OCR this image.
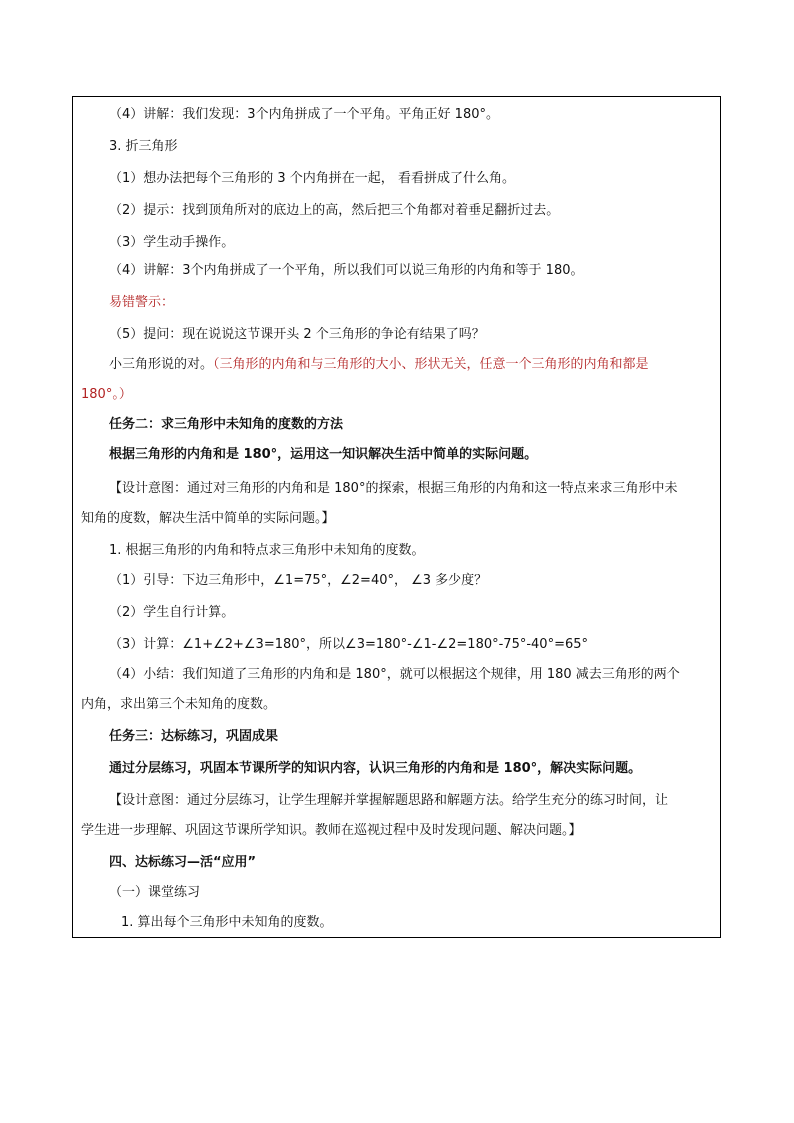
（4）讲解：我们发现：3个内角拼成了一个平角。平角正好 180°。
3. 折三角形
（1）想办法把每个三角形的 3 个内角拼在一起， 看看拼成了什么角。
（2）提示：找到顶角所对的底边上的高，然后把三个角都对着垂足翻折过去。
（3）学生动手操作。
（4）讲解：3个内角拼成了一个平角，所以我们可以说三角形的内角和等于 180。
易错警示：
（5）提问：现在说说这节课开头 2 个三角形的争论有结果了吗？
小三角形说的对。（三角形的内角和与三角形的大小、形状无关，任意一个三角形的内角和都是
180°。）
任务二：求三角形中未知角的度数的方法
根据三角形的内角和是 180°，运用这一知识解决生活中简单的实际问题。
【设计意图：通过对三角形的内角和是 180°的探索，根据三角形的内角和这一特点来求三角形中未
知角的度数，解决生活中简单的实际问题。】
1. 根据三角形的内角和特点求三角形中未知角的度数。
（1）引导：下边三角形中，∠1=75°，∠2=40°， ∠3 多少度？
（2）学生自行计算。
（3）计算：∠1+∠2+∠3=180°，所以∠3=180°-∠1-∠2=180°-75°-40°=65°
（4）小结：我们知道了三角形的内角和是 180°，就可以根据这个规律，用 180 减去三角形的两个
内角，求出第三个未知角的度数。
任务三：达标练习，巩固成果
通过分层练习，巩固本节课所学的知识内容，认识三角形的内角和是 180°，解决实际问题。
【设计意图：通过分层练习，让学生理解并掌握解题思路和解题方法。给学生充分的练习时间，让
学生进一步理解、巩固这节课所学知识。教师在巡视过程中及时发现问题、解决问题。】
四、达标练习—活“应用”
（一）课堂练习
1. 算出每个三角形中未知角的度数。
